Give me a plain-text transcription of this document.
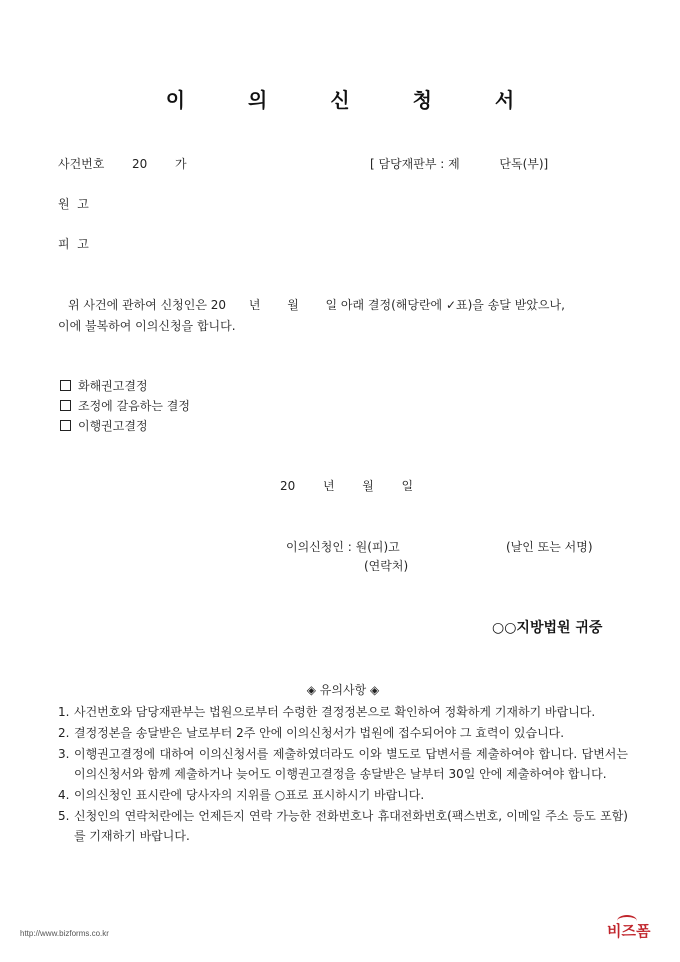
이 의 신 청 서
사건번호 20 가	[ 담당재판부 : 제	단독(부)]
원  고
피  고
위 사건에 관하여 신청인은 20      년       월       일 아래 결정(해당란에 ✓표)을 송달 받았으나,
이에 불복하여 이의신청을 합니다.
화해권고결정
조정에 갈음하는 결정
이행권고결정
20 년 월 일
이의신청인 : 원(피)고	(날인 또는 서명)
(연락처)
○○지방법원 귀중
◈ 유의사항 ◈
1. 사건번호와 담당재판부는 법원으로부터 수령한 결정정본으로 확인하여 정확하게 기재하기 바랍니다.
2. 결정정본을 송달받은 날로부터 2주 안에 이의신청서가 법원에 접수되어야 그 효력이 있습니다.
3. 이행권고결정에 대하여 이의신청서를 제출하였더라도 이와 별도로 답변서를 제출하여야 합니다. 답변서는 이의신청서와 함께 제출하거나 늦어도 이행권고결정을 송달받은 날부터 30일 안에 제출하여야 합니다.
4. 이의신청인 표시란에 당사자의 지위를 ○표로 표시하시기 바랍니다.
5. 신청인의 연락처란에는 언제든지 연락 가능한 전화번호나 휴대전화번호(팩스번호, 이메일 주소 등도 포함)를 기재하기 바랍니다.
http://www.bizforms.co.kr	비즈폼
